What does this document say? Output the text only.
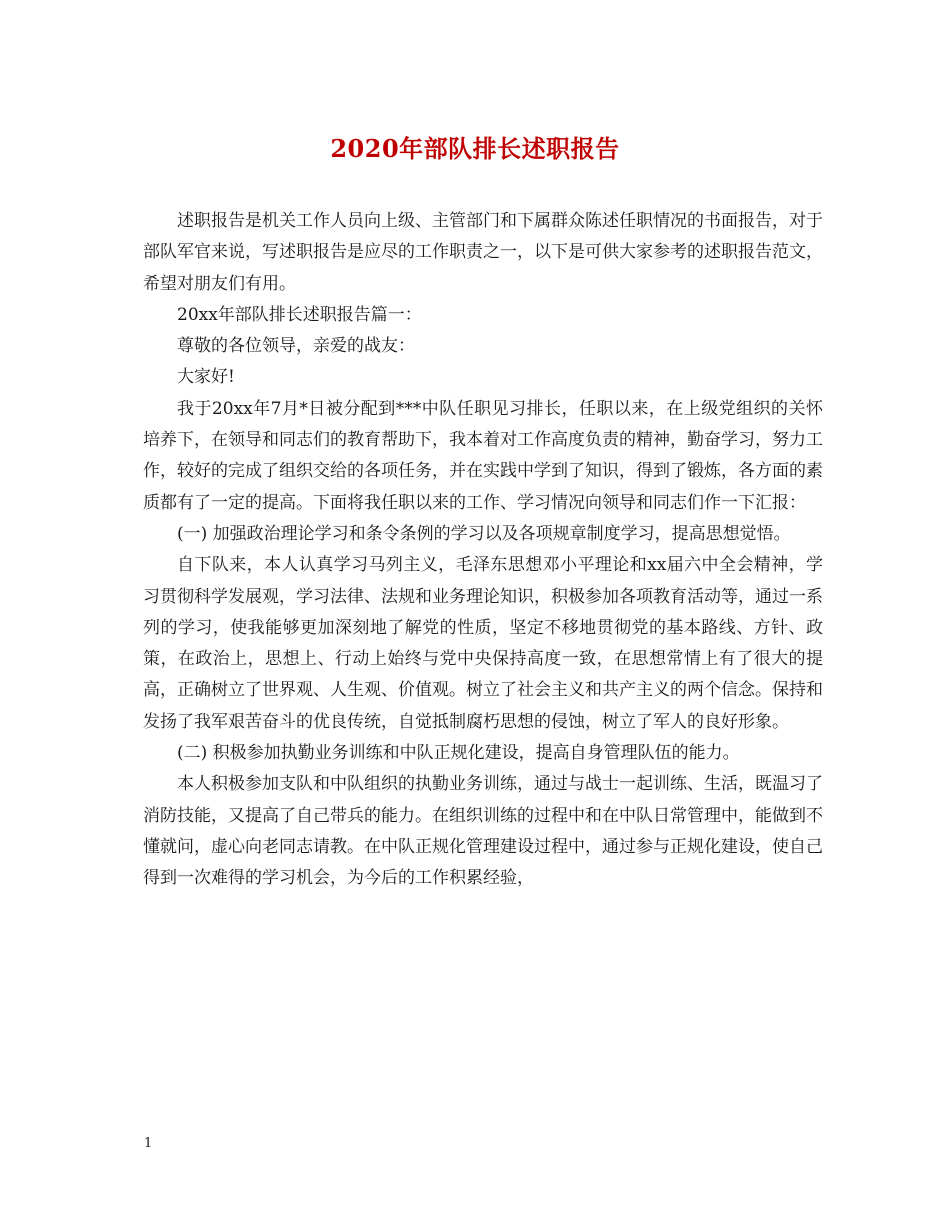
2020年部队排长述职报告

述职报告是机关工作人员向上级、主管部门和下属群众陈述任职情况的书面报告，对于部队军官来说，写述职报告是应尽的工作职责之一，以下是可供大家参考的述职报告范文，希望对朋友们有用。

20xx年部队排长述职报告篇一：

尊敬的各位领导，亲爱的战友：

大家好!

我于20xx年7月*日被分配到***中队任职见习排长，任职以来，在上级党组织的关怀培养下，在领导和同志们的教育帮助下，我本着对工作高度负责的精神，勤奋学习，努力工作，较好的完成了组织交给的各项任务，并在实践中学到了知识，得到了锻炼，各方面的素质都有了一定的提高。下面将我任职以来的工作、学习情况向领导和同志们作一下汇报：

(一) 加强政治理论学习和条令条例的学习以及各项规章制度学习，提高思想觉悟。

自下队来，本人认真学习马列主义，毛泽东思想邓小平理论和xx届六中全会精神，学习贯彻科学发展观，学习法律、法规和业务理论知识，积极参加各项教育活动等，通过一系列的学习，使我能够更加深刻地了解党的性质，坚定不移地贯彻党的基本路线、方针、政策，在政治上，思想上、行动上始终与党中央保持高度一致，在思想常情上有了很大的提高，正确树立了世界观、人生观、价值观。树立了社会主义和共产主义的两个信念。保持和发扬了我军艰苦奋斗的优良传统，自觉抵制腐朽思想的侵蚀，树立了军人的良好形象。

(二) 积极参加执勤业务训练和中队正规化建设，提高自身管理队伍的能力。

本人积极参加支队和中队组织的执勤业务训练，通过与战士一起训练、生活，既温习了消防技能，又提高了自己带兵的能力。在组织训练的过程中和在中队日常管理中，能做到不懂就问，虚心向老同志请教。在中队正规化管理建设过程中，通过参与正规化建设，使自己得到一次难得的学习机会，为今后的工作积累经验，

1
